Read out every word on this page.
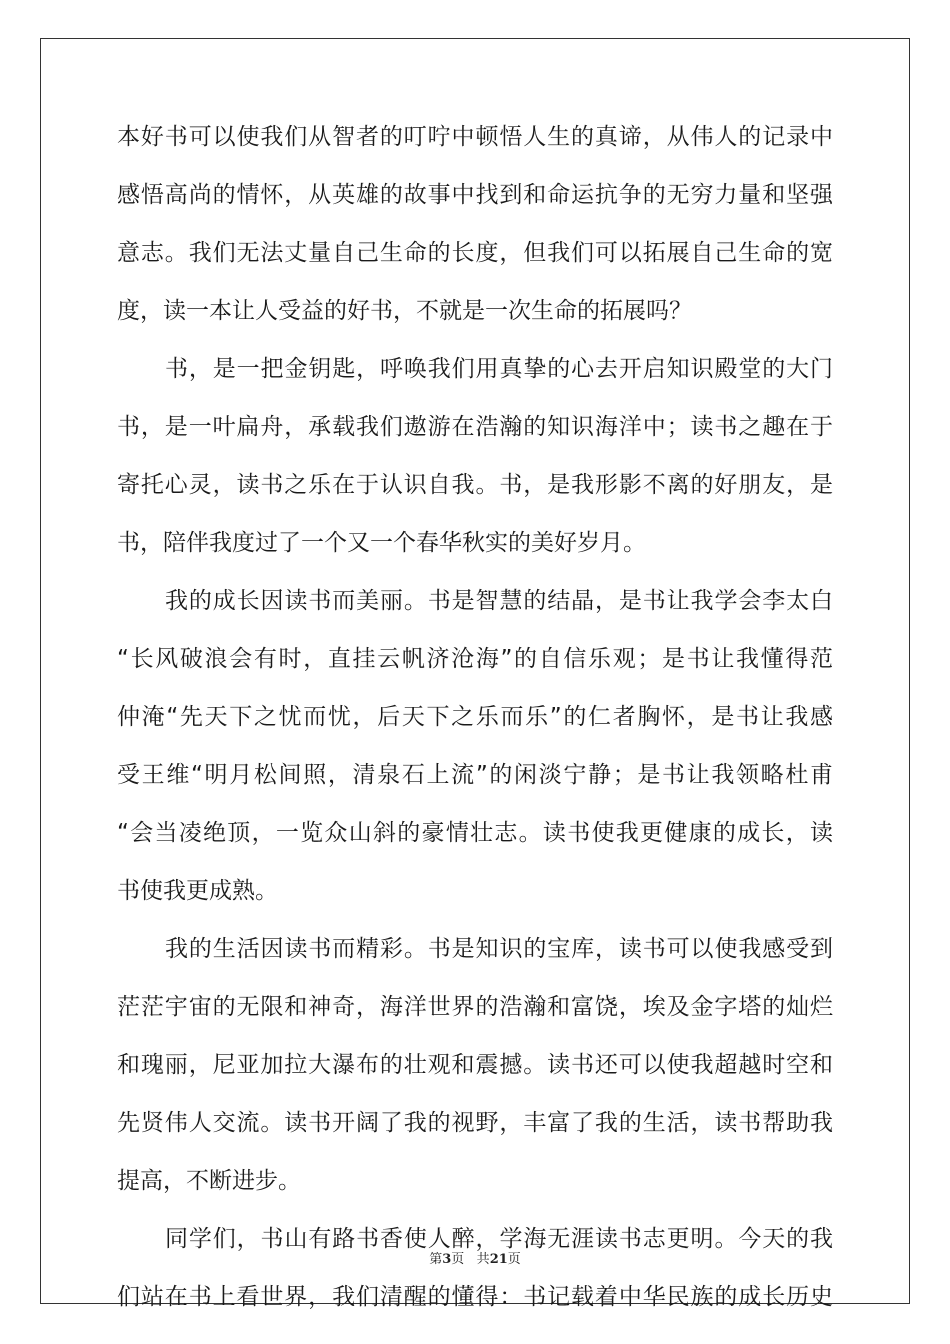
本好书可以使我们从智者的叮咛中顿悟人生的真谛，从伟人的记录中
感悟高尚的情怀，从英雄的故事中找到和命运抗争的无穷力量和坚强
意志。我们无法丈量自己生命的长度，但我们可以拓展自己生命的宽
度，读一本让人受益的好书，不就是一次生命的拓展吗？
书，是一把金钥匙，呼唤我们用真挚的心去开启知识殿堂的大门
书，是一叶扁舟，承载我们遨游在浩瀚的知识海洋中；读书之趣在于
寄托心灵，读书之乐在于认识自我。书，是我形影不离的好朋友，是
书，陪伴我度过了一个又一个春华秋实的美好岁月。
我的成长因读书而美丽。书是智慧的结晶，是书让我学会李太白
“长风破浪会有时，直挂云帆济沧海”的自信乐观；是书让我懂得范
仲淹“先天下之忧而忧，后天下之乐而乐”的仁者胸怀，是书让我感
受王维“明月松间照，清泉石上流”的闲淡宁静；是书让我领略杜甫
“会当凌绝顶，一览众山斜的豪情壮志。读书使我更健康的成长，读
书使我更成熟。
我的生活因读书而精彩。书是知识的宝库，读书可以使我感受到
茫茫宇宙的无限和神奇，海洋世界的浩瀚和富饶，埃及金字塔的灿烂
和瑰丽，尼亚加拉大瀑布的壮观和震撼。读书还可以使我超越时空和
先贤伟人交流。读书开阔了我的视野，丰富了我的生活，读书帮助我
提高，不断进步。
同学们，书山有路书香使人醉，学海无涯读书志更明。今天的我
们站在书上看世界，我们清醒的懂得：书记载着中华民族的成长历史
第3页 共21页
